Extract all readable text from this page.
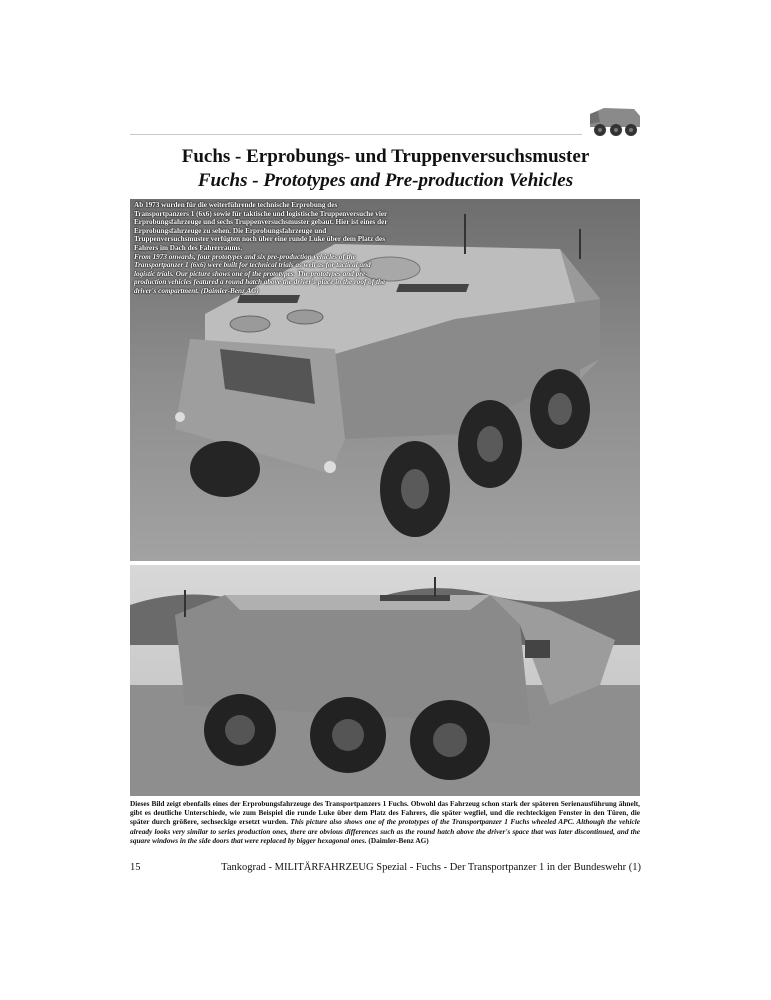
Fuchs - Erprobungs- und Truppenversuchsmuster
Fuchs - Prototypes and Pre-production Vehicles

Ab 1973 wurden für die weiterführende technische Erprobung des Transportpanzers 1 (6x6) sowie für taktische und logistische Truppenversuche vier Erprobungsfahrzeuge und sechs Truppenversuchsmuster gebaut. Hier ist eines der Erprobungsfahrzeuge zu sehen. Die Erprobungsfahrzeuge und Truppenversuchsmuster verfügten noch über eine runde Luke über dem Platz des Fahrers im Dach des Fahrerraums.

From 1973 onwards, four prototypes and six pre-production vehicles of the Transportpanzer 1 (6x6) were built for technical trials as well as for tactical and logistic trials. Our picture shows one of the prototypes. The prototypes and pre-production vehicles featured a round hatch above the driver's place in the roof of the driver's compartment. (Daimler-Benz AG)

Dieses Bild zeigt ebenfalls eines der Erprobungsfahrzeuge des Transportpanzers 1 Fuchs. Obwohl das Fahrzeug schon stark der späteren Serienausführung ähnelt, gibt es deutliche Unterschiede, wie zum Beispiel die runde Luke über dem Platz des Fahrers, die später wegfiel, und die rechteckigen Fenster in den Türen, die später durch größere, sechseckige ersetzt wurden. This picture also shows one of the prototypes of the Transportpanzer 1 Fuchs wheeled APC. Although the vehicle already looks very similar to series production ones, there are obvious differences such as the round hatch above the driver's space that was later discontinued, and the square windows in the side doors that were replaced by bigger hexagonal ones. (Daimler-Benz AG)
15	Tankograd - MILITÄRFAHRZEUG Spezial - Fuchs - Der Transportpanzer 1 in der Bundeswehr (1)
